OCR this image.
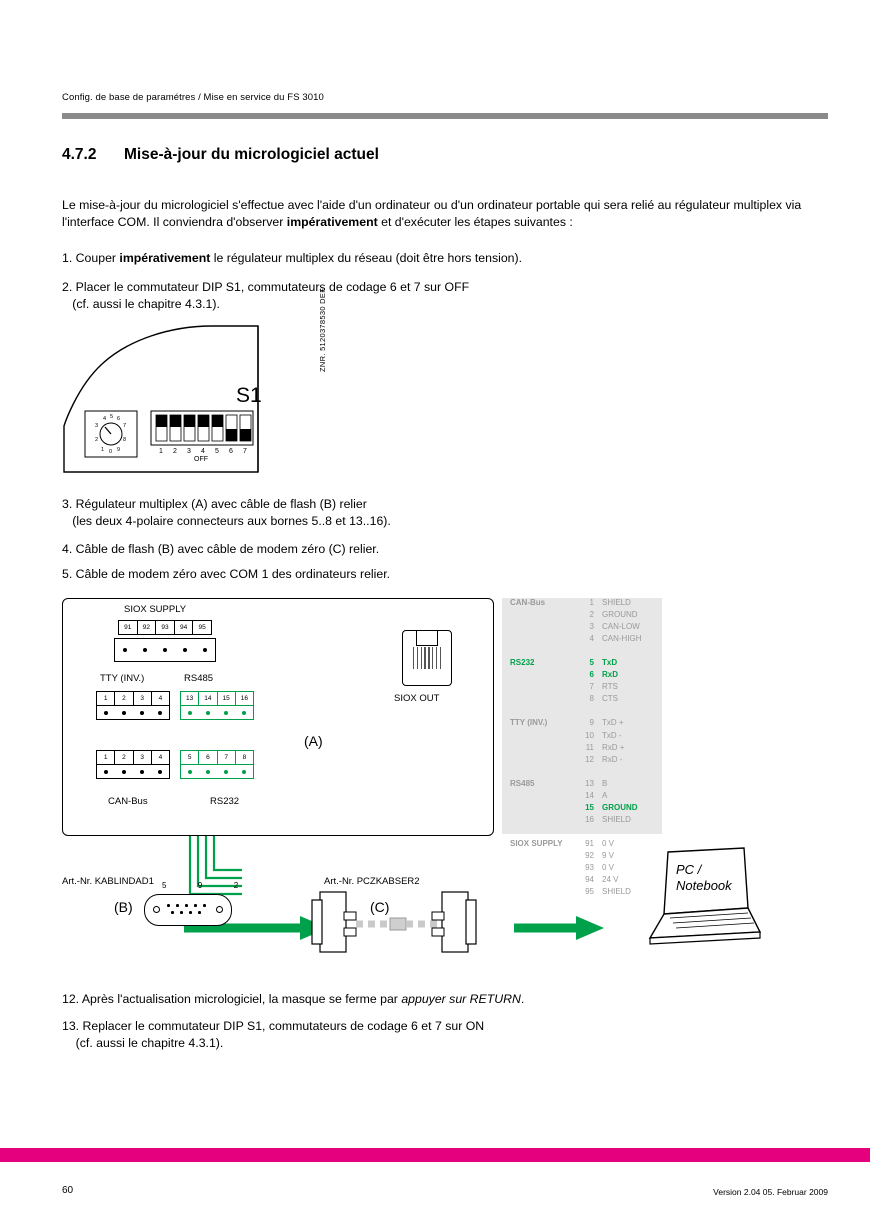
Config. de base de paramétres / Mise en service du FS 3010
4.7.2 Mise-à-jour du micrologiciel actuel
Le mise-à-jour du micrologiciel s'effectue avec l'aide d'un ordinateur ou d'un ordinateur portable qui sera relié au régulateur multiplex via l'interface COM. Il conviendra d'observer impérativement et d'exécuter les étapes suivantes :
1. Couper impérativement le régulateur multiplex du réseau (doit être hors tension).
2. Placer le commutateur DIP S1, commutateurs de codage 6 et 7 sur OFF
(cf. aussi le chapitre 4.3.1).
S1
ZNR. 5120378530 DEF
4 5 6
7
8
9
0
1
2
3
1 2 3 4 5 6 7
OFF
3. Régulateur multiplex (A) avec câble de flash (B) relier
(les deux 4-polaire connecteurs aux bornes 5..8 et 13..16).
4. Câble de flash (B) avec câble de modem zéro (C) relier.
5. Câble de modem zéro avec COM 1 des ordinateurs relier.
(A)
SIOX SUPPLY
91	92	93	94	95
TTY (INV.)	RS485
1	2	3	4	13	14	15	16
1	2	3	4	5	6	7	8
CAN-Bus	RS232
SIOX OUT
CAN-Bus	1 SHIELD
2 GROUND
3 CAN-LOW
4 CAN-HIGH
RS232	5 TxD
6 RxD
7 RTS
8 CTS
TTY (INV.)	9 TxD +
10 TxD -
11 RxD +
12 RxD -
RS485	13 B
14 A
15 GROUND
16 SHIELD
SIOX SUPPLY	91 0 V
92 9 V
93 0 V
94 24 V
95 SHIELD
Art.-Nr. KABLINDAD1
(B)
5  9  2	Art.-Nr. PCZKABSER2
(C)
PC /
Notebook
12. Après l'actualisation micrologiciel, la masque se ferme par appuyer sur RETURN.
13. Replacer le commutateur DIP S1, commutateurs de codage 6 et 7 sur ON
(cf. aussi le chapitre 4.3.1).
60	Version 2.04 05. Februar 2009
